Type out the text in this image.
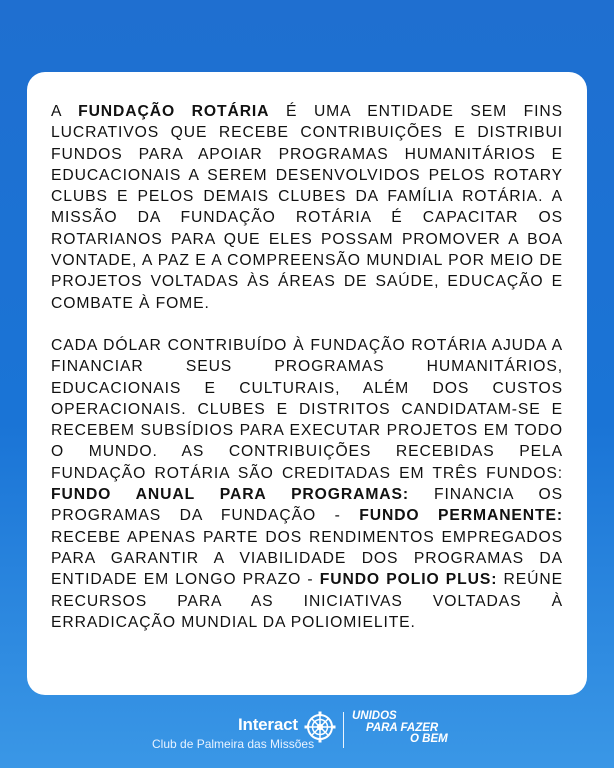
A FUNDAÇÃO ROTÁRIA É UMA ENTIDADE SEM FINS LUCRATIVOS QUE RECEBE CONTRIBUIÇÕES E DISTRIBUI FUNDOS PARA APOIAR PROGRAMAS HUMANITÁRIOS E EDUCACIONAIS A SEREM DESENVOLVIDOS PELOS ROTARY CLUBS E PELOS DEMAIS CLUBES DA FAMÍLIA ROTÁRIA. A MISSÃO DA FUNDAÇÃO ROTÁRIA É CAPACITAR OS ROTARIANOS PARA QUE ELES POSSAM PROMOVER A BOA VONTADE, A PAZ E A COMPREENSÃO MUNDIAL POR MEIO DE PROJETOS VOLTADAS ÀS ÁREAS DE SAÚDE, EDUCAÇÃO E COMBATE À FOME.

CADA DÓLAR CONTRIBUÍDO À FUNDAÇÃO ROTÁRIA AJUDA A FINANCIAR SEUS PROGRAMAS HUMANITÁRIOS, EDUCACIONAIS E CULTURAIS, ALÉM DOS CUSTOS OPERACIONAIS. CLUBES E DISTRITOS CANDIDATAM-SE E RECEBEM SUBSÍDIOS PARA EXECUTAR PROJETOS EM TODO O MUNDO. AS CONTRIBUIÇÕES RECEBIDAS PELA FUNDAÇÃO ROTÁRIA SÃO CREDITADAS EM TRÊS FUNDOS: FUNDO ANUAL PARA PROGRAMAS: FINANCIA OS PROGRAMAS DA FUNDAÇÃO - FUNDO PERMANENTE: RECEBE APENAS PARTE DOS RENDIMENTOS EMPREGADOS PARA GARANTIR A VIABILIDADE DOS PROGRAMAS DA ENTIDADE EM LONGO PRAZO - FUNDO POLIO PLUS: REÚNE RECURSOS PARA AS INICIATIVAS VOLTADAS À ERRADICAÇÃO MUNDIAL DA POLIOMIELITE.

Interact
Club de Palmeira das Missões
UNIDOS
PARA FAZER
O BEM
